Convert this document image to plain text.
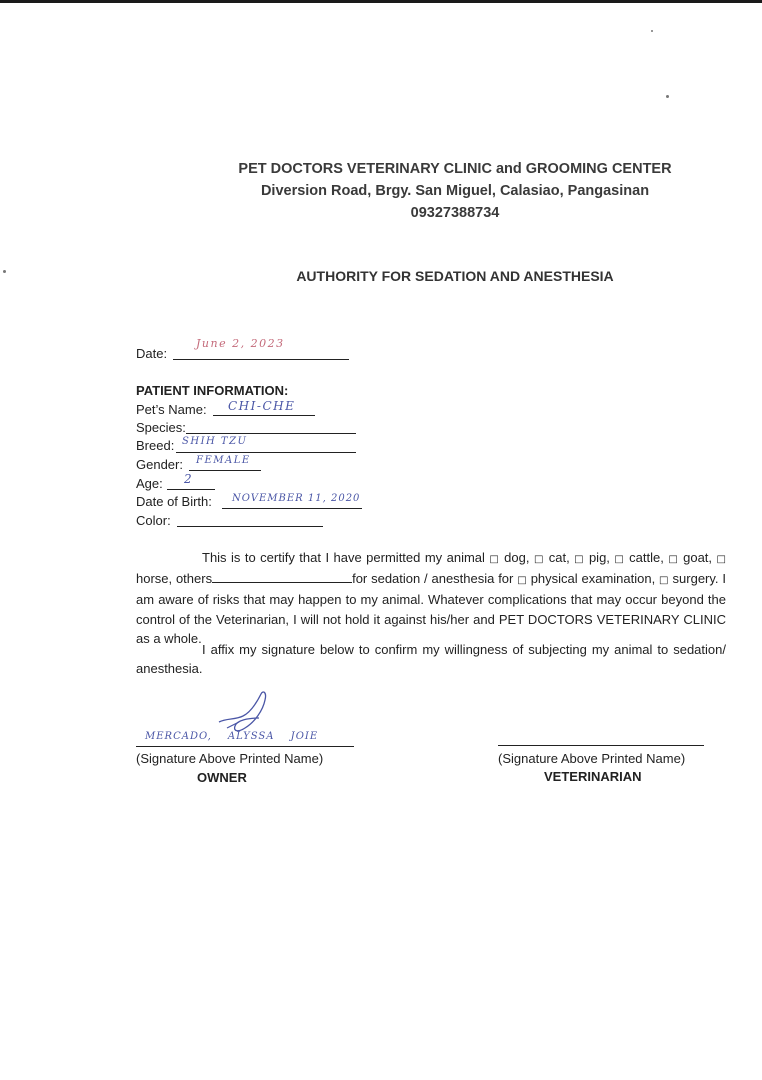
PET DOCTORS VETERINARY CLINIC and GROOMING CENTER
Diversion Road, Brgy. San Miguel, Calasiao, Pangasinan
09327388734
AUTHORITY FOR SEDATION AND ANESTHESIA
Date:
June 2, 2023
PATIENT INFORMATION:
Pet’s Name: CHI-CHE
Species:
Breed: SHIH TZU
Gender: FEMALE
Age: 2
Date of Birth: NOVEMBER 11, 2020
Color:
This is to certify that I have permitted my animal □ dog, □ cat, □ pig, □ cattle, □ goat, □ horse, others	for sedation / anesthesia for □ physical examination, □ surgery. I am aware of risks that may happen to my animal. Whatever complications that may occur beyond the control of the Veterinarian, I will not hold it against his/her and PET DOCTORS VETERINARY CLINIC as a whole.
I affix my signature below to confirm my willingness of subjecting my animal to sedation/ anesthesia.
MERCADO, ALYSSA JOIE
(Signature Above Printed Name)
OWNER
(Signature Above Printed Name)
VETERINARIAN
